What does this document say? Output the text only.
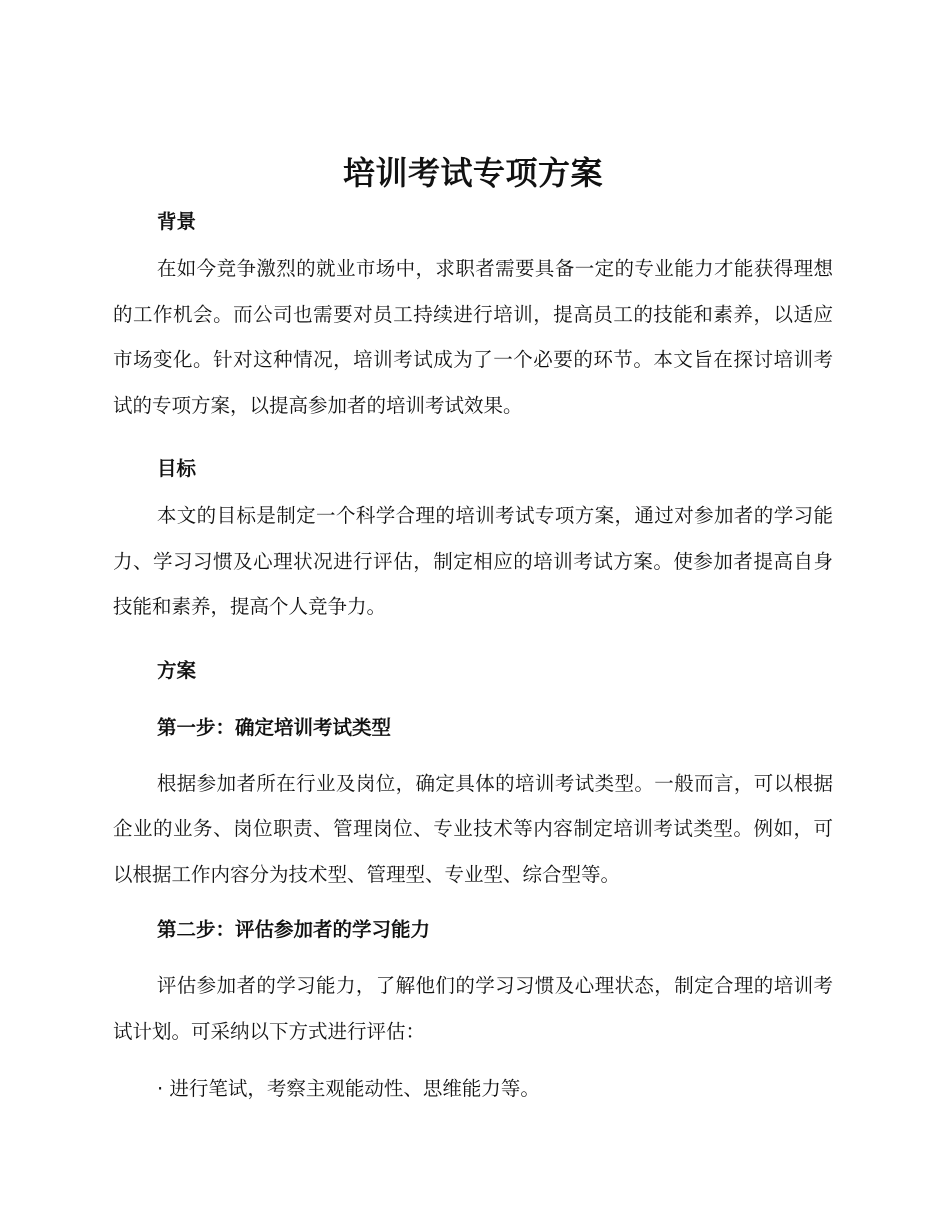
培训考试专项方案
背景

在如今竞争激烈的就业市场中，求职者需要具备一定的专业能力才能获得理想的工作机会。而公司也需要对员工持续进行培训，提高员工的技能和素养，以适应市场变化。针对这种情况，培训考试成为了一个必要的环节。本文旨在探讨培训考试的专项方案，以提高参加者的培训考试效果。

目标

本文的目标是制定一个科学合理的培训考试专项方案，通过对参加者的学习能力、学习习惯及心理状况进行评估，制定相应的培训考试方案。使参加者提高自身技能和素养，提高个人竞争力。

方案
第一步：确定培训考试类型

根据参加者所在行业及岗位，确定具体的培训考试类型。一般而言，可以根据企业的业务、岗位职责、管理岗位、专业技术等内容制定培训考试类型。例如，可以根据工作内容分为技术型、管理型、专业型、综合型等。

第二步：评估参加者的学习能力

评估参加者的学习能力，了解他们的学习习惯及心理状态，制定合理的培训考试计划。可采纳以下方式进行评估：

· 进行笔试，考察主观能动性、思维能力等。
